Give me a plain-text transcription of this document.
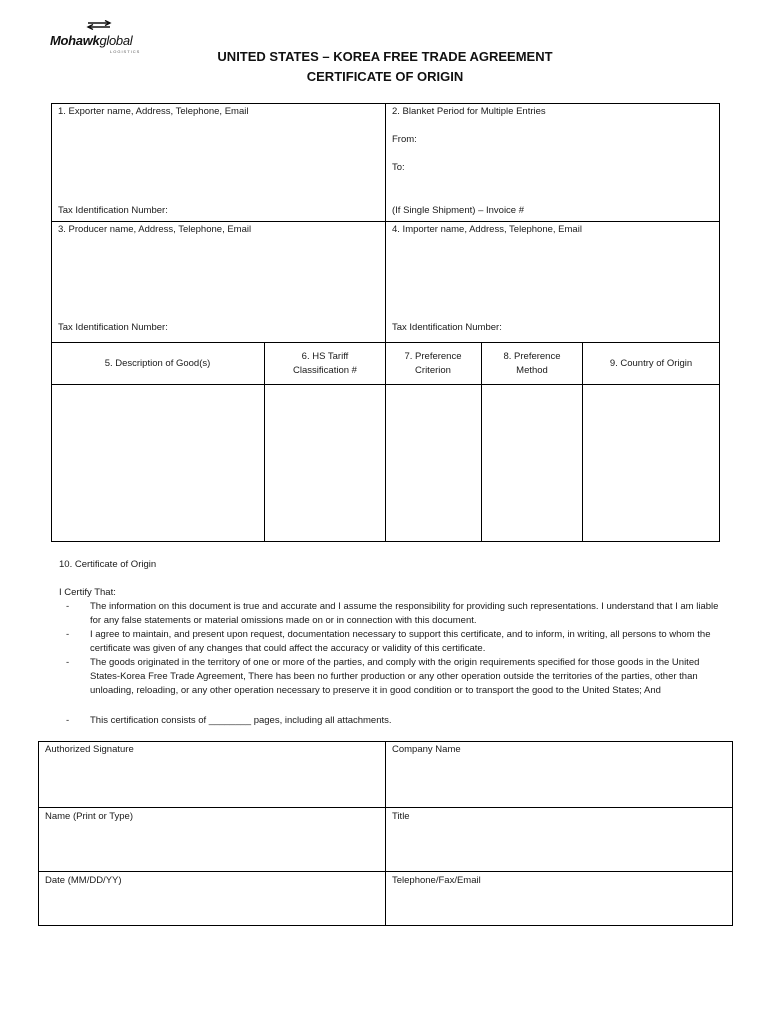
Mohawkglobal
LOGISTICS	UNITED STATES – KOREA FREE TRADE AGREEMENT
CERTIFICATE OF ORIGIN
1. Exporter name, Address, Telephone, Email
Tax Identification Number:
2. Blanket Period for Multiple Entries
From:
To:
(If Single Shipment) – Invoice #
3. Producer name, Address, Telephone, Email
Tax Identification Number:
4. Importer name, Address, Telephone, Email
Tax Identification Number:
5. Description of Good(s)
6. HS Tariff Classification #
7. Preference Criterion
8. Preference Method
9. Country of Origin
10. Certificate of Origin
I Certify That:
- The information on this document is true and accurate and I assume the responsibility for providing such representations. I understand that I am liable for any false statements or material omissions made on or in connection with this document.
- I agree to maintain, and present upon request, documentation necessary to support this certificate, and to inform, in writing, all persons to whom the certificate was given of any changes that could affect the accuracy or validity of this certificate.
- The goods originated in the territory of one or more of the parties, and comply with the origin requirements specified for those goods in the United States-Korea Free Trade Agreement, There has been no further production or any other operation outside the territories of the parties, other than unloading, reloading, or any other operation necessary to preserve it in good condition or to transport the good to the United States; And
- This certification consists of ________ pages, including all attachments.
Authorized Signature	Company Name
Name (Print or Type)	Title
Date (MM/DD/YY)	Telephone/Fax/Email
